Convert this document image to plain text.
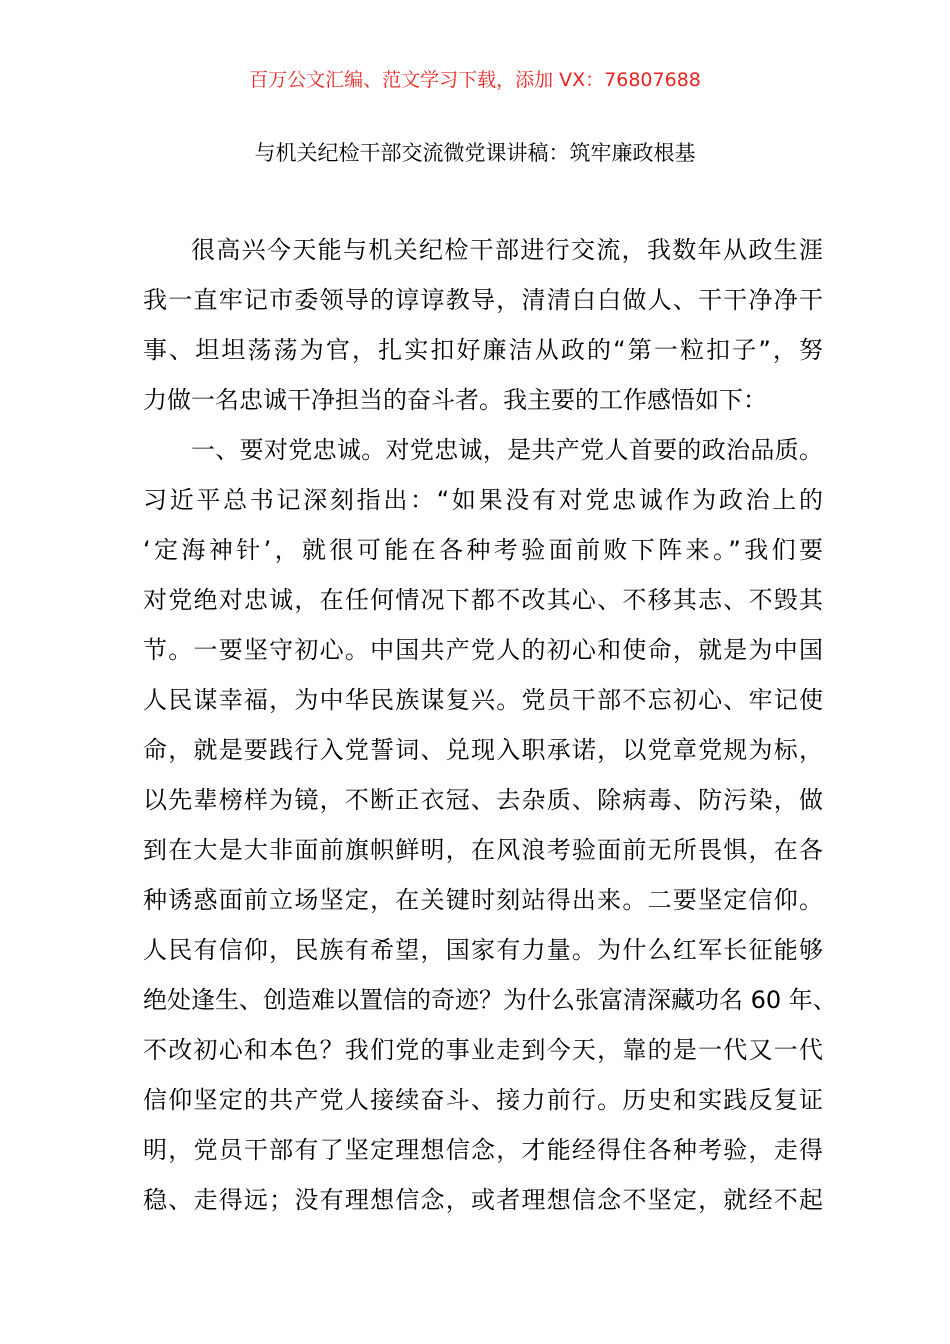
百万公文汇编、范文学习下载，添加 VX：76807688
与机关纪检干部交流微党课讲稿：筑牢廉政根基
很高兴今天能与机关纪检干部进行交流，我数年从政生涯
我一直牢记市委领导的谆谆教导，清清白白做人、干干净净干
事、坦坦荡荡为官，扎实扣好廉洁从政的“第一粒扣子”，努
力做一名忠诚干净担当的奋斗者。我主要的工作感悟如下：
一、要对党忠诚。对党忠诚，是共产党人首要的政治品质。
习近平总书记深刻指出：“如果没有对党忠诚作为政治上的
‘定海神针’，就很可能在各种考验面前败下阵来。”我们要
对党绝对忠诚，在任何情况下都不改其心、不移其志、不毁其
节。一要坚守初心。中国共产党人的初心和使命，就是为中国
人民谋幸福，为中华民族谋复兴。党员干部不忘初心、牢记使
命，就是要践行入党誓词、兑现入职承诺，以党章党规为标，
以先辈榜样为镜，不断正衣冠、去杂质、除病毒、防污染，做
到在大是大非面前旗帜鲜明，在风浪考验面前无所畏惧，在各
种诱惑面前立场坚定，在关键时刻站得出来。二要坚定信仰。
人民有信仰，民族有希望，国家有力量。为什么红军长征能够
绝处逢生、创造难以置信的奇迹？为什么张富清深藏功名 60 年、
不改初心和本色？我们党的事业走到今天，靠的是一代又一代
信仰坚定的共产党人接续奋斗、接力前行。历史和实践反复证
明，党员干部有了坚定理想信念，才能经得住各种考验，走得
稳、走得远；没有理想信念，或者理想信念不坚定，就经不起
